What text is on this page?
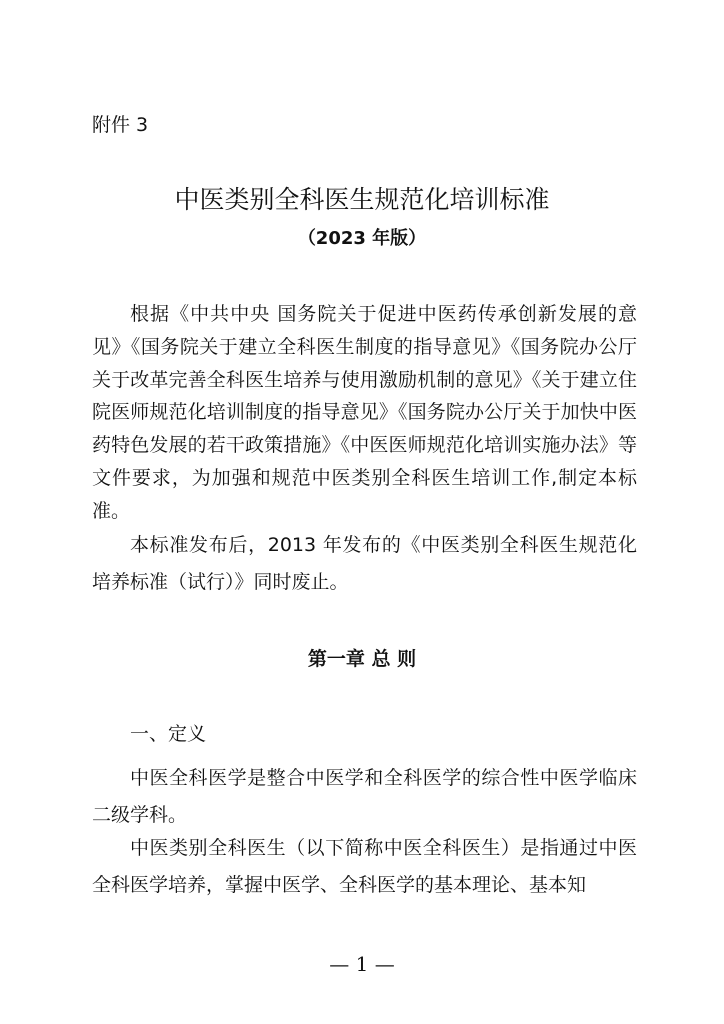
附件 3
中医类别全科医生规范化培训标准
（2023 年版）

根据《中共中央 国务院关于促进中医药传承创新发展的意见》《国务院关于建立全科医生制度的指导意见》《国务院办公厅关于改革完善全科医生培养与使用激励机制的意见》《关于建立住院医师规范化培训制度的指导意见》《国务院办公厅关于加快中医药特色发展的若干政策措施》《中医医师规范化培训实施办法》等文件要求，为加强和规范中医类别全科医生培训工作,制定本标准。

本标准发布后，2013 年发布的《中医类别全科医生规范化培养标准（试行）》同时废止。

第一章 总 则
一、定义

中医全科医学是整合中医学和全科医学的综合性中医学临床二级学科。

中医类别全科医生（以下简称中医全科医生）是指通过中医全科医学培养，掌握中医学、全科医学的基本理论、基本知

— 1 —
